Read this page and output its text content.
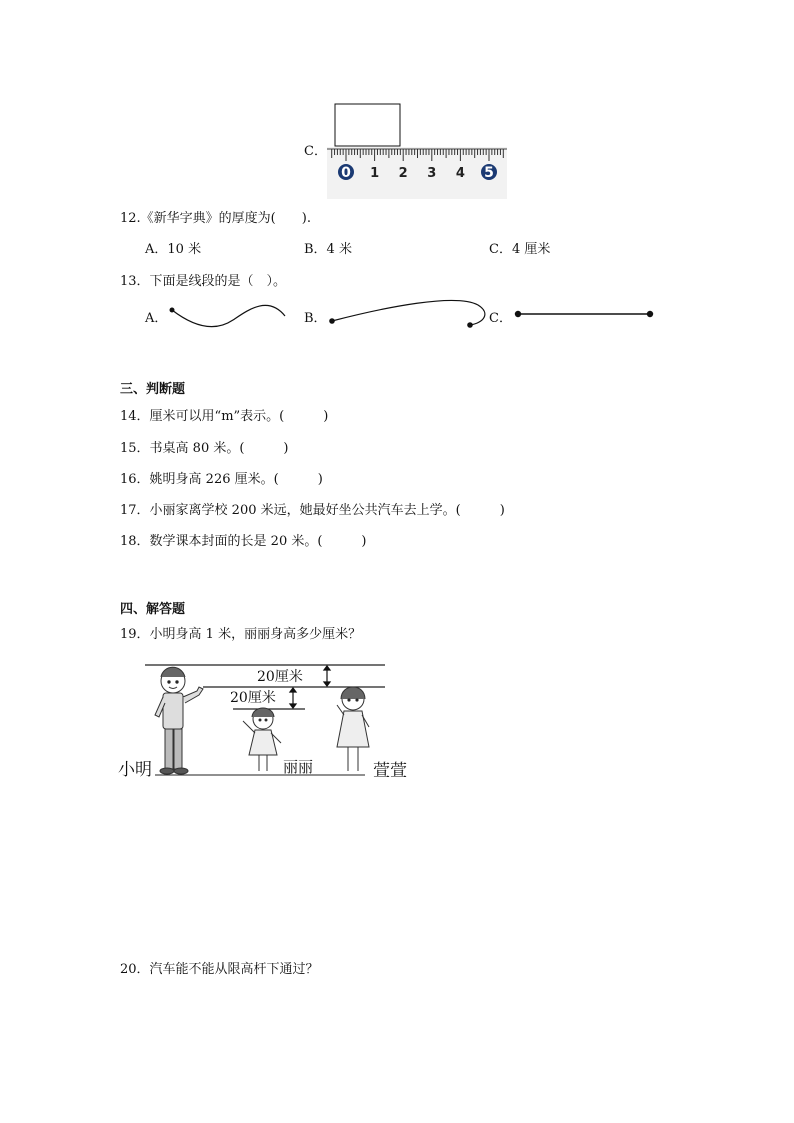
C．
0 1 2 3 4 5
12.《新华字典》的厚度为(　　).
A．10 米	B．4 米	C．4 厘米
13．下面是线段的是（　）。
A．	B．	C．
三、判断题
14．厘米可以用“m”表示。(　　　)
15．书桌高 80 米。(　　　)
16．姚明身高 226 厘米。(　　　)
17．小丽家离学校 200 米远，她最好坐公共汽车去上学。(　　　)
18．数学课本封面的长是 20 米。(　　　)
四、解答题
19．小明身高 1 米，丽丽身高多少厘米？
20厘米
20厘米
小明	丽丽	萱萱
20．汽车能不能从限高杆下通过？
